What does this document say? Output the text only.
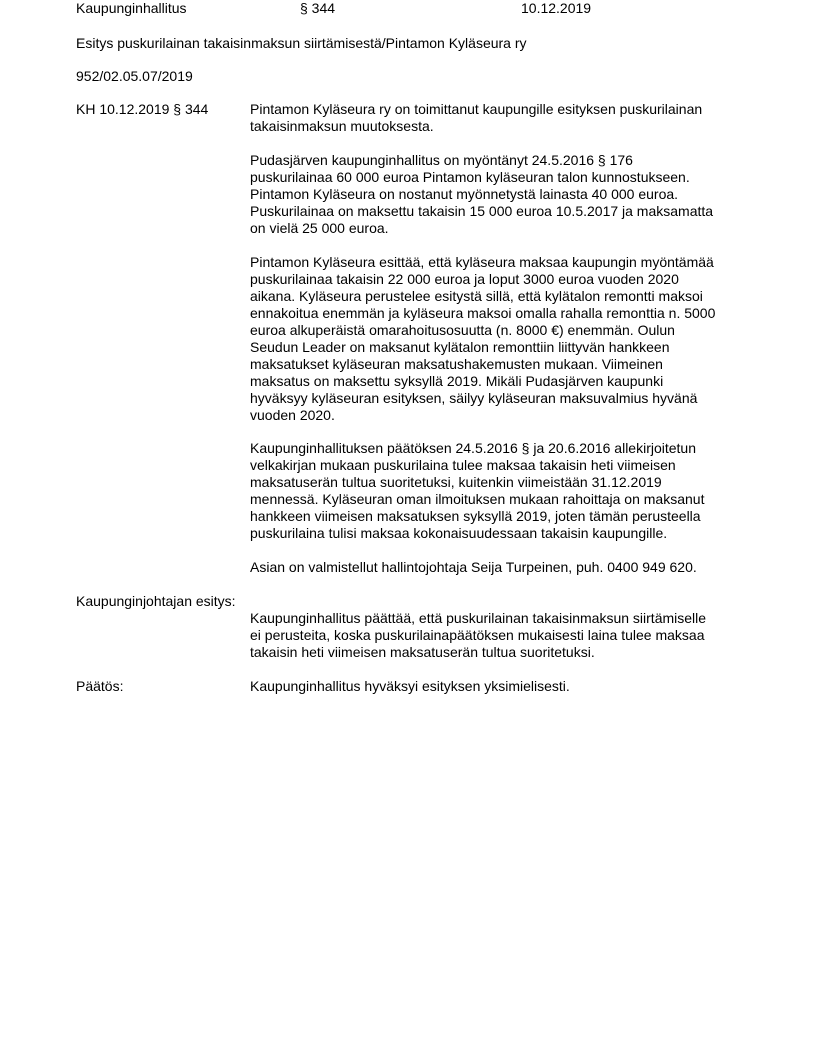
Kaupunginhallitus	§ 344	10.12.2019
Esitys puskurilainan takaisinmaksun siirtämisestä/Pintamon Kyläseura ry
952/02.05.07/2019
KH 10.12.2019 § 344	Pintamon Kyläseura ry on toimittanut kaupungille esityksen puskurilainan
takaisinmaksun muutoksesta.
Pudasjärven kaupunginhallitus on myöntänyt 24.5.2016 § 176
puskurilainaa 60 000 euroa Pintamon kyläseuran talon kunnostukseen.
Pintamon Kyläseura on nostanut myönnetystä lainasta 40 000 euroa.
Puskurilainaa on maksettu takaisin 15 000 euroa 10.5.2017 ja maksamatta
on vielä 25 000 euroa.
Pintamon Kyläseura esittää, että kyläseura maksaa kaupungin myöntämää
puskurilainaa takaisin 22 000 euroa ja loput 3000 euroa vuoden 2020
aikana. Kyläseura perustelee esitystä sillä, että kylätalon remontti maksoi
ennakoitua enemmän ja kyläseura maksoi omalla rahalla remonttia n. 5000
euroa alkuperäistä omarahoitusosuutta (n. 8000 €) enemmän. Oulun
Seudun Leader on maksanut kylätalon remonttiin liittyvän hankkeen
maksatukset kyläseuran maksatushakemusten mukaan. Viimeinen
maksatus on maksettu syksyllä 2019. Mikäli Pudasjärven kaupunki
hyväksyy kyläseuran esityksen, säilyy kyläseuran maksuvalmius hyvänä
vuoden 2020.
Kaupunginhallituksen päätöksen 24.5.2016 § ja 20.6.2016 allekirjoitetun
velkakirjan mukaan puskurilaina tulee maksaa takaisin heti viimeisen
maksatuserän tultua suoritetuksi, kuitenkin viimeistään 31.12.2019
mennessä. Kyläseuran oman ilmoituksen mukaan rahoittaja on maksanut
hankkeen viimeisen maksatuksen syksyllä 2019, joten tämän perusteella
puskurilaina tulisi maksaa kokonaisuudessaan takaisin kaupungille.
Asian on valmistellut hallintojohtaja Seija Turpeinen, puh. 0400 949 620.
Kaupunginjohtajan esitys:
Kaupunginhallitus päättää, että puskurilainan takaisinmaksun siirtämiselle
ei perusteita, koska puskurilainapäätöksen mukaisesti laina tulee maksaa
takaisin heti viimeisen maksatuserän tultua suoritetuksi.
Päätös:	Kaupunginhallitus hyväksyi esityksen yksimielisesti.
